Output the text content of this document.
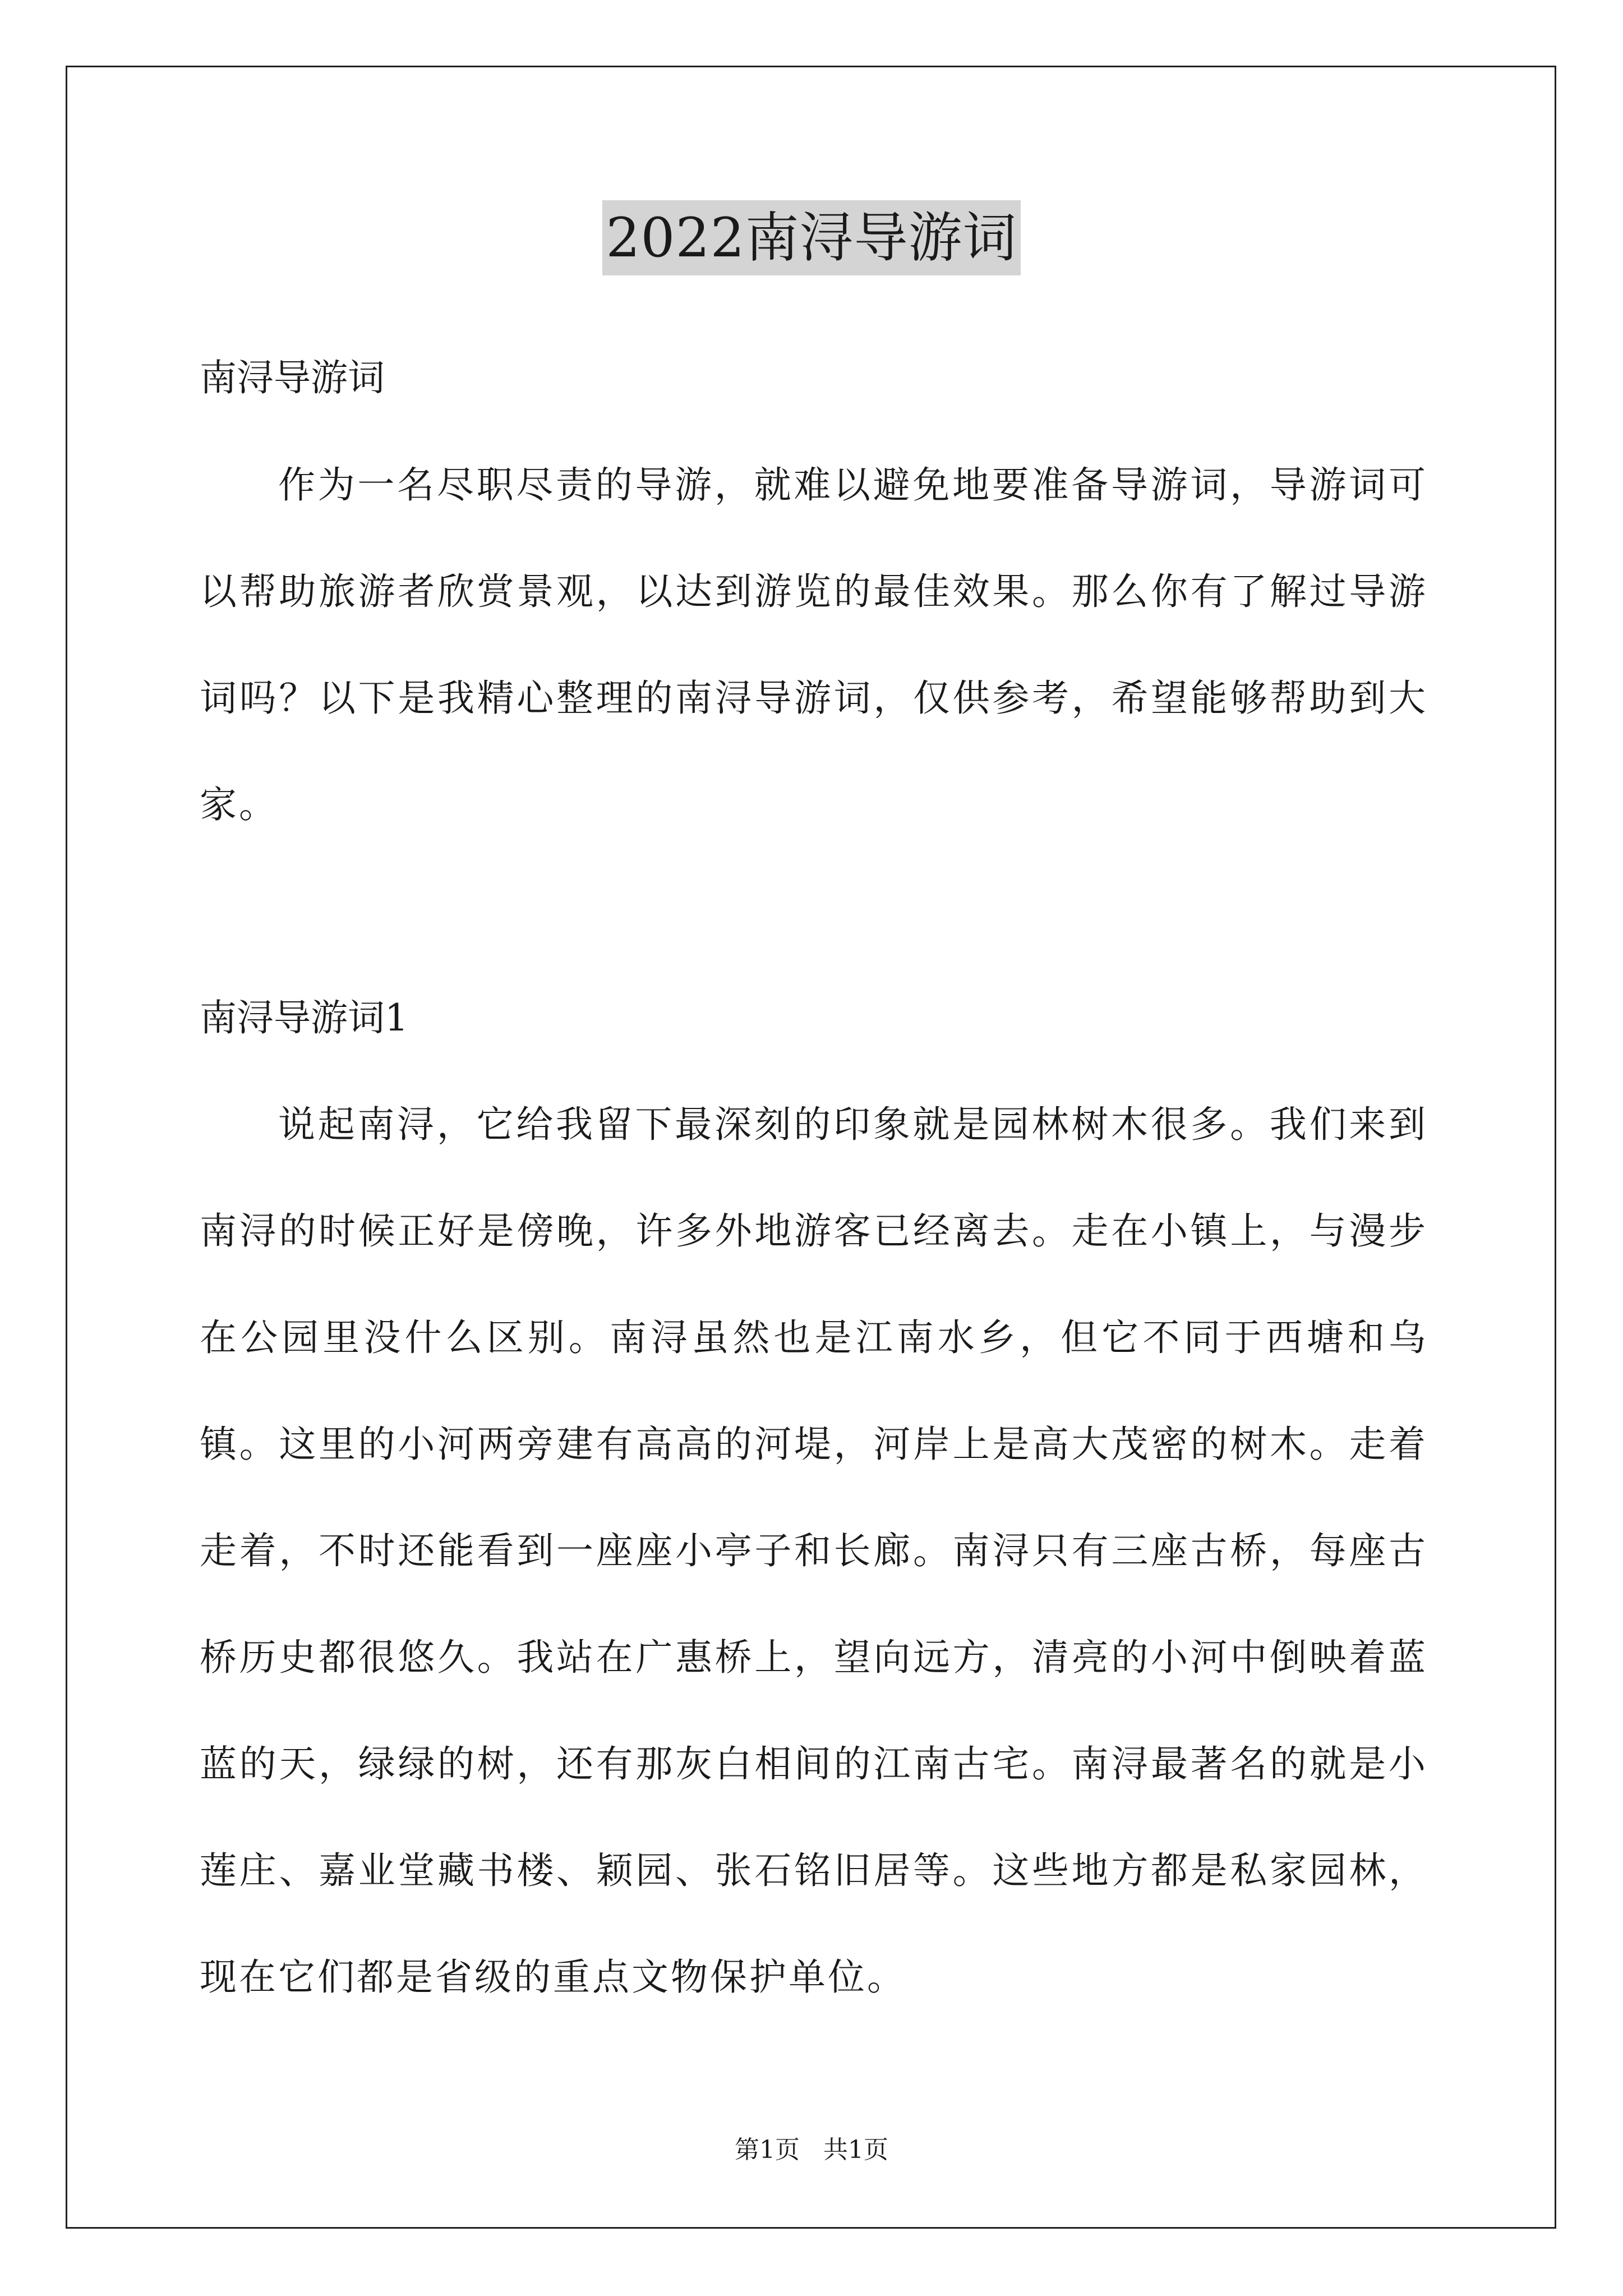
2022南浔导游词
南浔导游词

作为一名尽职尽责的导游，就难以避免地要准备导游词，导游词可以帮助旅游者欣赏景观，以达到游览的最佳效果。那么你有了解过导游词吗？以下是我精心整理的南浔导游词，仅供参考，希望能够帮助到大家。

南浔导游词1

说起南浔，它给我留下最深刻的印象就是园林树木很多。我们来到南浔的时候正好是傍晚，许多外地游客已经离去。走在小镇上，与漫步在公园里没什么区别。南浔虽然也是江南水乡，但它不同于西塘和乌镇。这里的小河两旁建有高高的河堤，河岸上是高大茂密的树木。走着走着，不时还能看到一座座小亭子和长廊。南浔只有三座古桥，每座古桥历史都很悠久。我站在广惠桥上，望向远方，清亮的小河中倒映着蓝蓝的天，绿绿的树，还有那灰白相间的江南古宅。南浔最著名的就是小莲庄、嘉业堂藏书楼、颖园、张石铭旧居等。这些地方都是私家园林，现在它们都是省级的重点文物保护单位。

第1页   共1页
